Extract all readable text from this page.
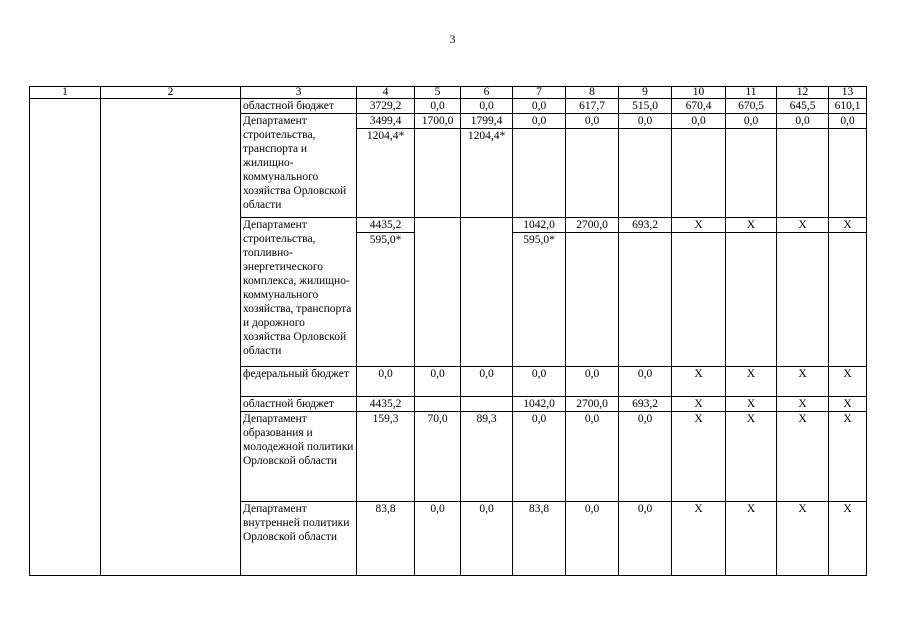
3
1	2	3	4	5	6	7	8	9	10	11	12	13
		областной бюджет	3729,2	0,0	0,0	0,0	617,7	515,0	670,4	670,5	645,5	610,1
		Департамент строительства, транспорта и жилищно-коммунального хозяйства Орловской области	3499,4	1700,0	1799,4	0,0	0,0	0,0	0,0	0,0	0,0	0,0
			1204,4*		1204,4*							
		Департамент строительства, топливно-энергетического комплекса, жилищно-коммунального хозяйства, транспорта и дорожного хозяйства Орловской области	4435,2			1042,0	2700,0	693,2	X	X	X	X
			595,0*			595,0*						
		федеральный бюджет	0,0	0,0	0,0	0,0	0,0	0,0	X	X	X	X
		областной бюджет	4435,2			1042,0	2700,0	693,2	X	X	X	X
		Департамент образования и молодежной политики Орловской области	159,3	70,0	89,3	0,0	0,0	0,0	X	X	X	X
		Департамент внутренней политики Орловской области	83,8	0,0	0,0	83,8	0,0	0,0	X	X	X	X
